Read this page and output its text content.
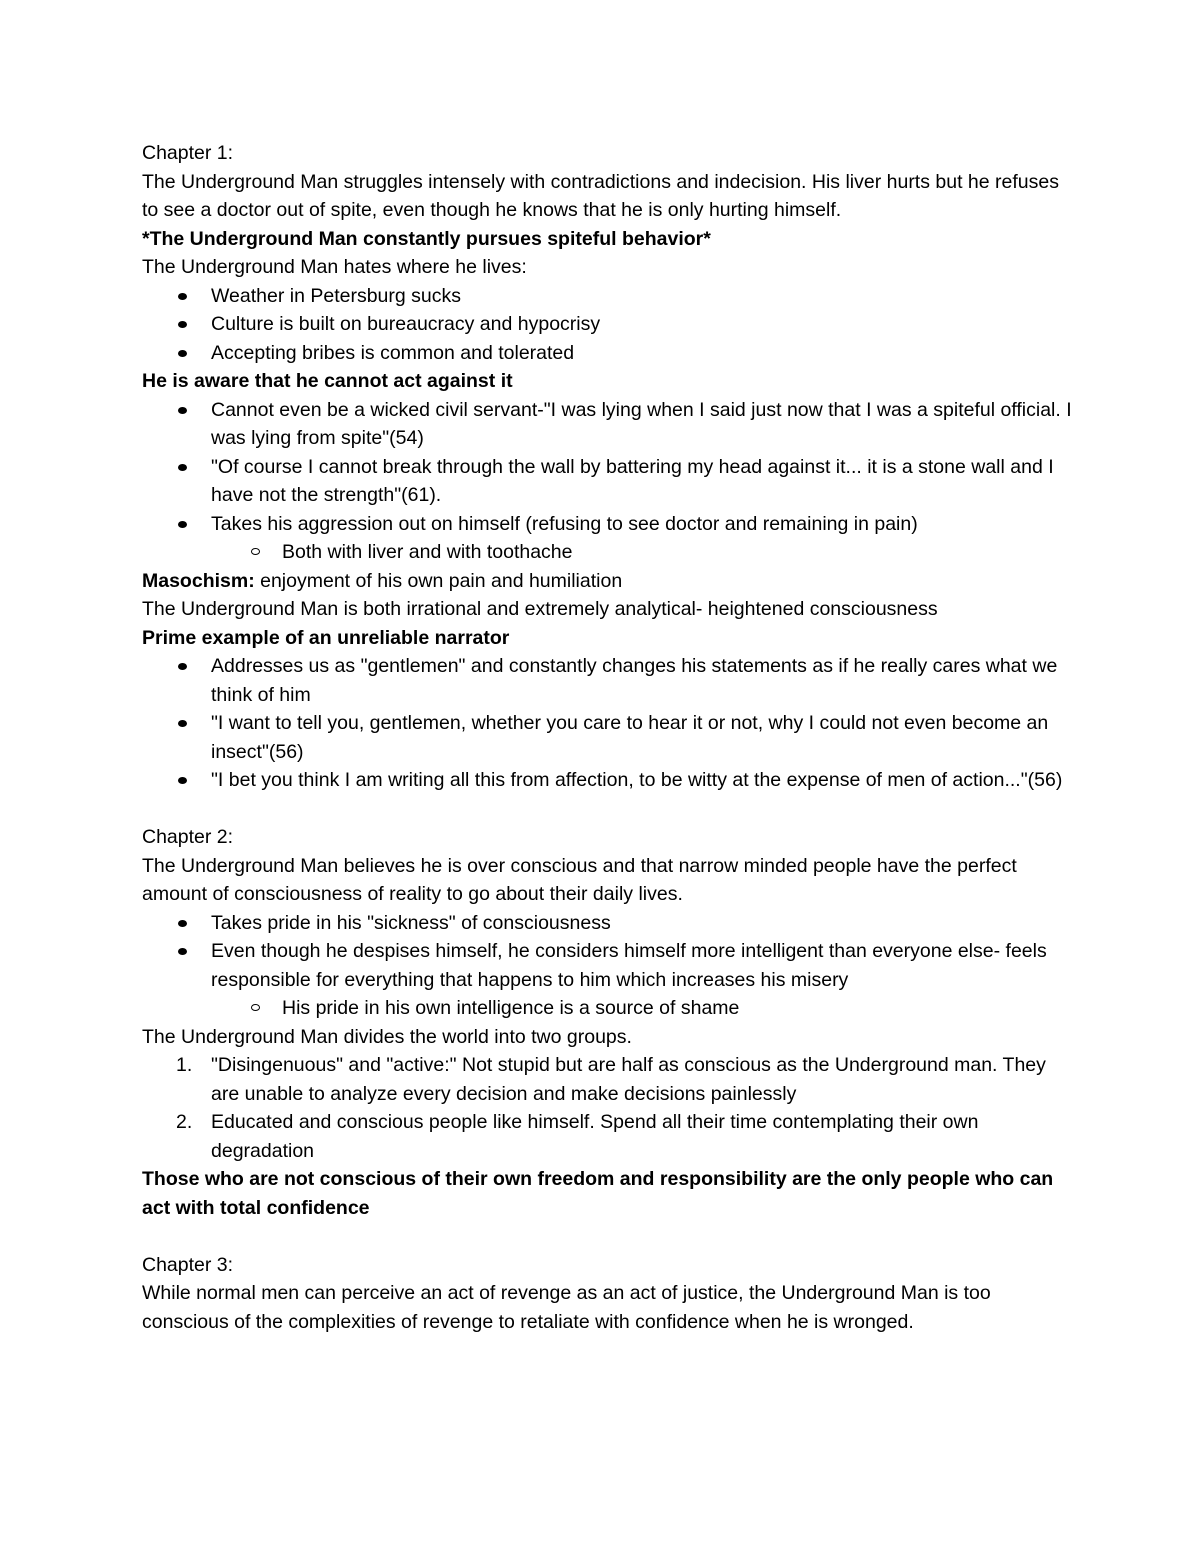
Chapter 1:

The Underground Man struggles intensely with contradictions and indecision. His liver hurts but he refuses to see a doctor out of spite, even though he knows that he is only hurting himself.

*The Underground Man constantly pursues spiteful behavior*

The Underground Man hates where he lives:

Weather in Petersburg sucks

Culture is built on bureaucracy and hypocrisy

Accepting bribes is common and tolerated

He is aware that he cannot act against it

Cannot even be a wicked civil servant-"I was lying when I said just now that I was a spiteful official. I was lying from spite"(54)

"Of course I cannot break through the wall by battering my head against it... it is a stone wall and I have not the strength"(61).

Takes his aggression out on himself (refusing to see doctor and remaining in pain)

Both with liver and with toothache

Masochism: enjoyment of his own pain and humiliation

The Underground Man is both irrational and extremely analytical- heightened consciousness

Prime example of an unreliable narrator

Addresses us as "gentlemen" and constantly changes his statements as if he really cares what we think of him

"I want to tell you, gentlemen, whether you care to hear it or not, why I could not even become an insect"(56)

"I bet you think I am writing all this from affection, to be witty at the expense of men of action..."(56)

Chapter 2:

The Underground Man believes he is over conscious and that narrow minded people have the perfect amount of consciousness of reality to go about their daily lives.

Takes pride in his "sickness" of consciousness

Even though he despises himself, he considers himself more intelligent than everyone else- feels responsible for everything that happens to him which increases his misery

His pride in his own intelligence is a source of shame

The Underground Man divides the world into two groups.

1. "Disingenuous" and "active:" Not stupid but are half as conscious as the Underground man. They are unable to analyze every decision and make decisions painlessly

2. Educated and conscious people like himself. Spend all their time contemplating their own degradation

Those who are not conscious of their own freedom and responsibility are the only people who can act with total confidence

Chapter 3:

While normal men can perceive an act of revenge as an act of justice, the Underground Man is too conscious of the complexities of revenge to retaliate with confidence when he is wronged.
